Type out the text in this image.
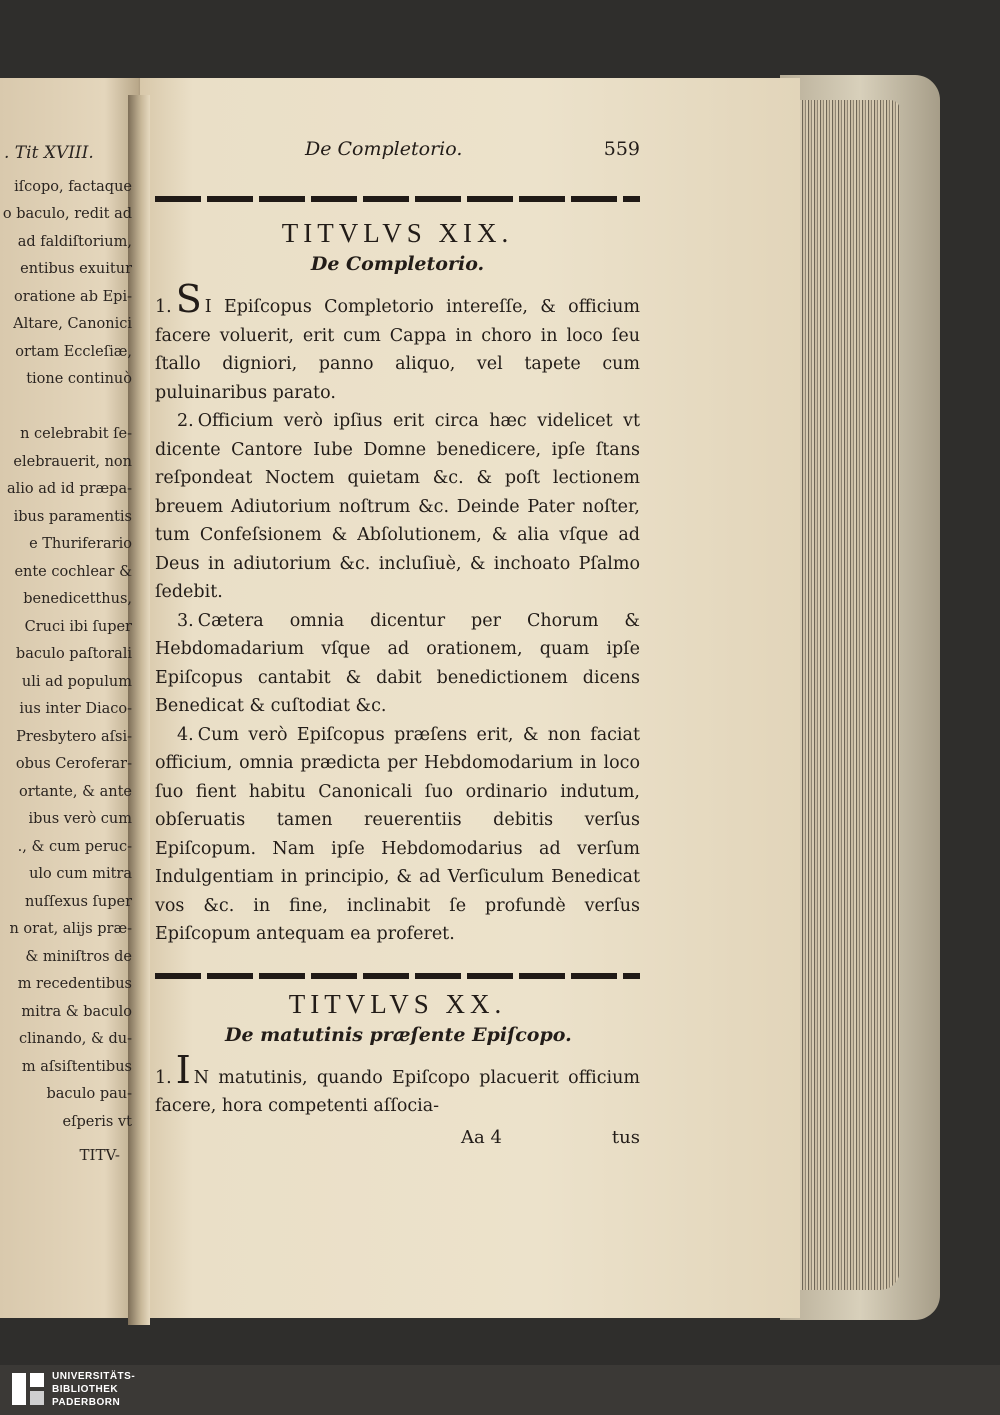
. Tit XVIII.
iſcopo, factaque
o baculo, redit ad
ad faldiſtorium,
entibus exuitur
oratione ab Epi-
Altare, Canonici
ortam Eccleſiæ,
tione continuò

n celebrabit ſe-
elebrauerit, non
alio ad id præpa-
ibus paramentis
e Thuriferario
ente cochlear &
benedicetthus,
Cruci ibi ſuper
baculo paſtorali
uli ad populum
ius inter Diaco-
Presbytero aſsi-
obus Ceroferar-
ortante, & ante
ibus verò cum
., & cum peruc-
ulo cum mitra
nuſſexus ſuper
n orat, alijs præ-
& miniſtros de
m recedentibus
mitra & baculo
clinando, & du-
m aſsiſtentibus
baculo pau-
eſperis vt
TITV-
De Completorio.	559
TITVLVS XIX.
De Completorio.

1. S I Epiſcopus Completorio intereſſe, & officium facere voluerit, erit cum Cappa in choro in loco ſeu ſtallo digniori, panno aliquo, vel tapete cum puluinaribus parato.

2. Officium verò ipſius erit circa hæc videlicet vt dicente Cantore Iube Domne benedicere, ipſe ſtans reſpondeat Noctem quietam &c. & poſt lectionem breuem Adiutorium noſtrum &c. Deinde Pater noſter, tum Confeſsionem & Abſolutionem, & alia vſque ad Deus in adiutorium &c. incluſiuè, & inchoato Pſalmo ſedebit.

3. Cætera omnia dicentur per Chorum & Hebdomadarium vſque ad orationem, quam ipſe Epiſcopus cantabit & dabit benedictionem dicens Benedicat & cuſtodiat &c.

4. Cum verò Epiſcopus præſens erit, & non faciat officium, omnia prædicta per Hebdomodarium in loco ſuo fient habitu Canonicali ſuo ordinario indutum, obſeruatis tamen reuerentiis debitis verſus Epiſcopum. Nam ipſe Hebdomodarius ad verſum Indulgentiam in principio, & ad Verſiculum Benedicat vos &c. in fine, inclinabit ſe profundè verſus Epiſcopum antequam ea proferet.

TITVLVS XX.
De matutinis præſente Epiſcopo.

1. I N matutinis, quando Epiſcopo placuerit officium facere, hora competenti aſſocia-

Aa 4	tus
UNIVERSITÄTS-
BIBLIOTHEK
PADERBORN
